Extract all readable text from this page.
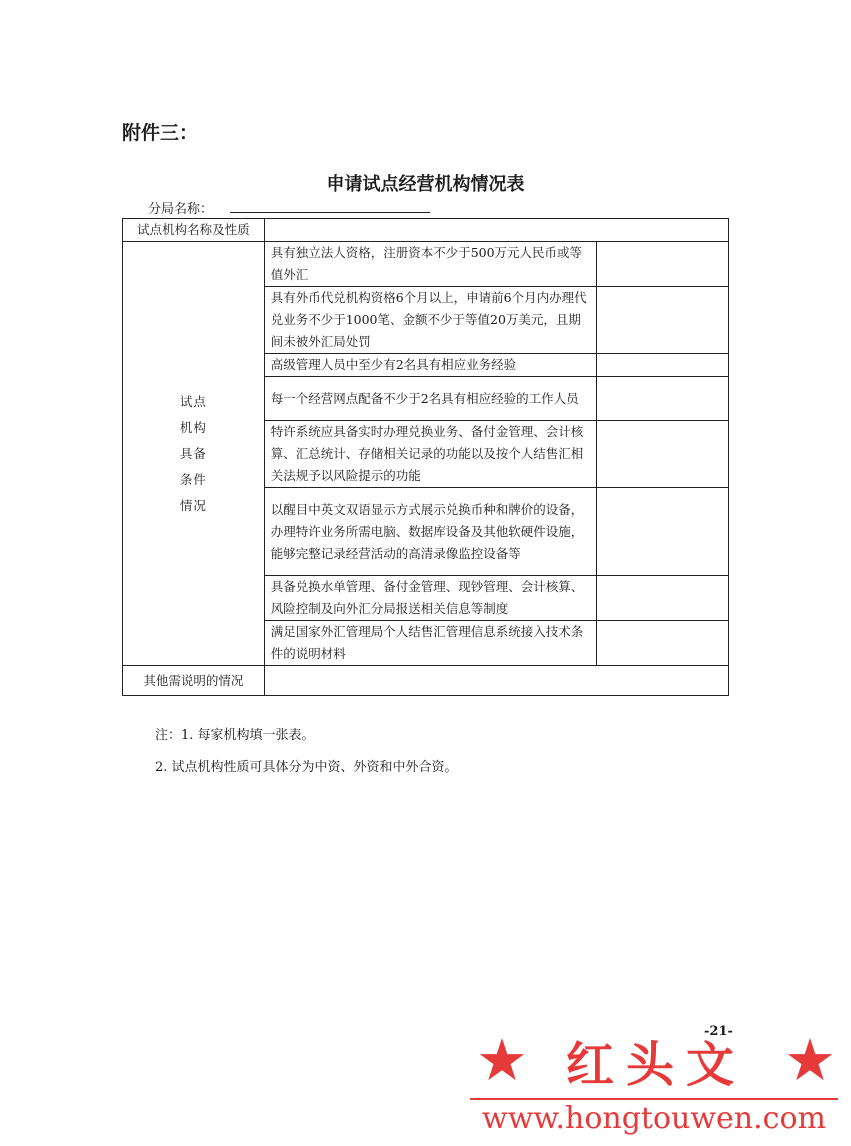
附件三：
申请试点经营机构情况表
分局名称：
试点机构名称及性质		
试点
机构
具备
条件
情况	具有独立法人资格，注册资本不少于500万元人民币或等值外汇	
	具有外币代兑机构资格6个月以上，申请前6个月内办理代兑业务不少于1000笔、金额不少于等值20万美元，且期间未被外汇局处罚	
	高级管理人员中至少有2名具有相应业务经验	
	每一个经营网点配备不少于2名具有相应经验的工作人员	
	特许系统应具备实时办理兑换业务、备付金管理、会计核算、汇总统计、存储相关记录的功能以及按个人结售汇相关法规予以风险提示的功能	
	以醒目中英文双语显示方式展示兑换币种和牌价的设备，办理特许业务所需电脑、数据库设备及其他软硬件设施，能够完整记录经营活动的高清录像监控设备等	
	具备兑换水单管理、备付金管理、现钞管理、会计核算、风险控制及向外汇分局报送相关信息等制度	
	满足国家外汇管理局个人结售汇管理信息系统接入技术条件的说明材料	
其他需说明的情况		
注：1. 每家机构填一张表。
2. 试点机构性质可具体分为中资、外资和中外合资。
-21-
★ 红头文 ★
www.hongtouwen.com
